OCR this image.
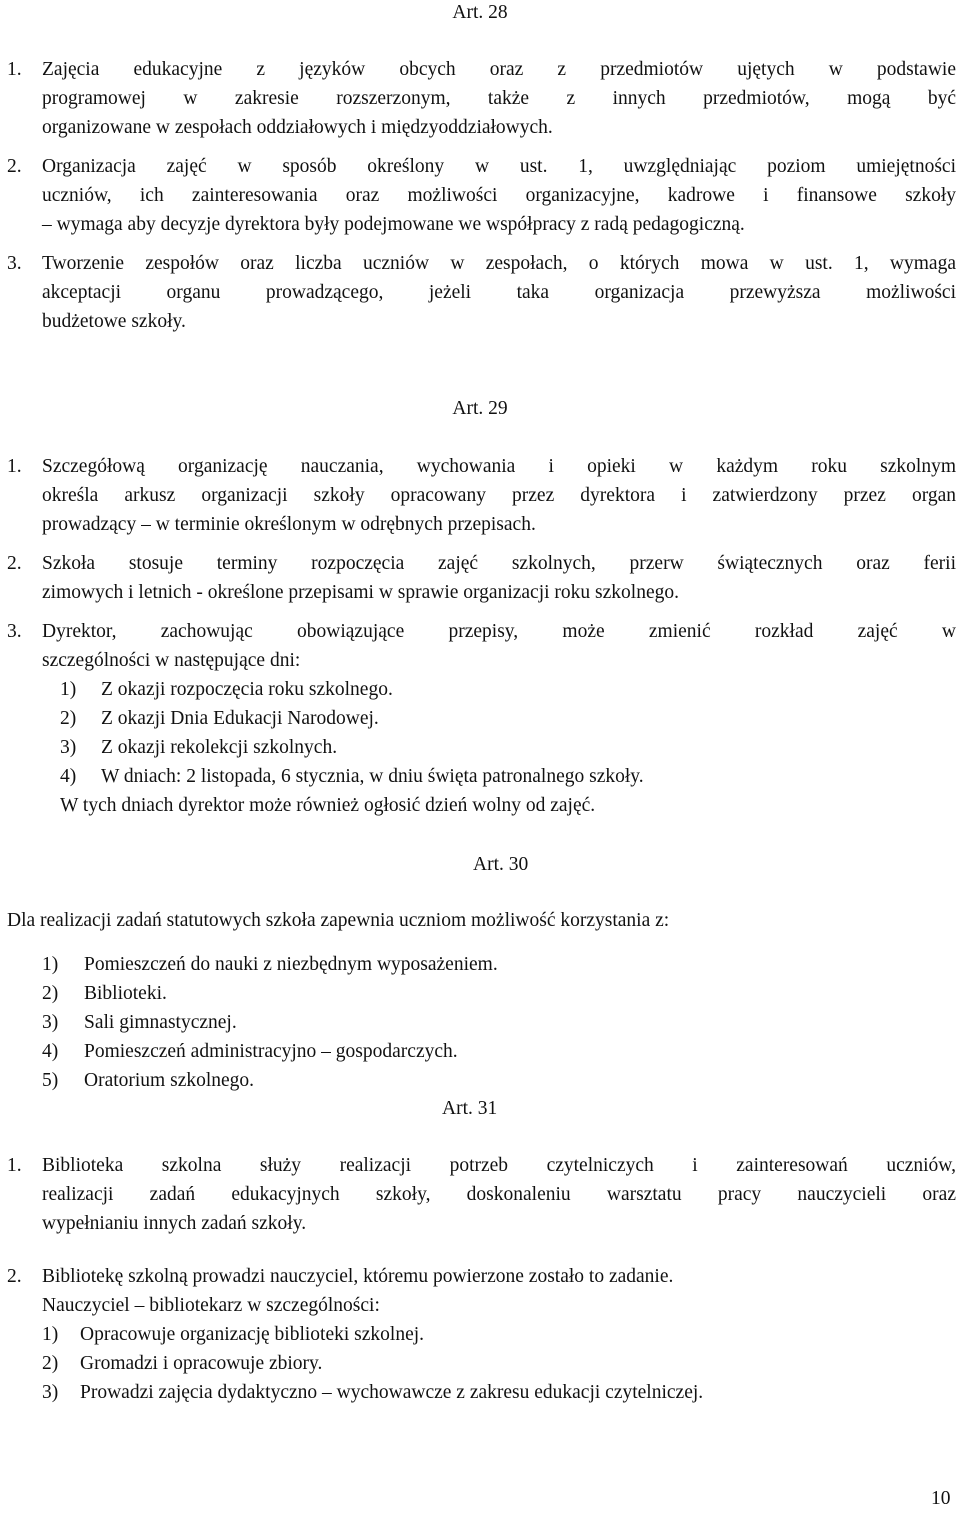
Art. 28
1. Zajęcia edukacyjne z języków obcych oraz z przedmiotów ujętych w podstawie
programowej w zakresie rozszerzonym, także z innych przedmiotów, mogą być
organizowane w zespołach oddziałowych i międzyoddziałowych.
2. Organizacja zajęć w sposób określony w ust. 1, uwzględniając poziom umiejętności
uczniów, ich zainteresowania oraz możliwości organizacyjne, kadrowe i finansowe szkoły
– wymaga aby decyzje dyrektora były podejmowane we współpracy z radą pedagogiczną.
3. Tworzenie zespołów oraz liczba uczniów w zespołach, o których mowa w ust. 1, wymaga
akceptacji organu prowadzącego, jeżeli taka organizacja przewyższa możliwości
budżetowe szkoły.
Art. 29
1. Szczegółową organizację nauczania, wychowania i opieki w każdym roku szkolnym
określa arkusz organizacji szkoły opracowany przez dyrektora i zatwierdzony przez organ
prowadzący – w terminie określonym w odrębnych przepisach.
2. Szkoła stosuje terminy rozpoczęcia zajęć szkolnych, przerw świątecznych oraz ferii
zimowych i letnich - określone przepisami w sprawie organizacji roku szkolnego.
3. Dyrektor, zachowując obowiązujące przepisy, może zmienić rozkład zajęć w
szczególności w następujące dni:
1) Z okazji rozpoczęcia roku szkolnego.
2) Z okazji Dnia Edukacji Narodowej.
3) Z okazji rekolekcji szkolnych.
4) W dniach: 2 listopada, 6 stycznia, w dniu święta patronalnego szkoły.
W tych dniach dyrektor może również ogłosić dzień wolny od zajęć.
Art. 30
Dla realizacji zadań statutowych szkoła zapewnia uczniom możliwość korzystania z:
1) Pomieszczeń do nauki z niezbędnym wyposażeniem.
2) Biblioteki.
3) Sali gimnastycznej.
4) Pomieszczeń administracyjno – gospodarczych.
5) Oratorium szkolnego.
Art. 31
1. Biblioteka szkolna służy realizacji potrzeb czytelniczych i zainteresowań uczniów,
realizacji zadań edukacyjnych szkoły, doskonaleniu warsztatu pracy nauczycieli oraz
wypełnianiu innych zadań szkoły.
2. Bibliotekę szkolną prowadzi nauczyciel, któremu powierzone zostało to zadanie.
Nauczyciel – bibliotekarz w szczególności:
1) Opracowuje organizację biblioteki szkolnej.
2) Gromadzi i opracowuje zbiory.
3) Prowadzi zajęcia dydaktyczno – wychowawcze z zakresu edukacji czytelniczej.
10
